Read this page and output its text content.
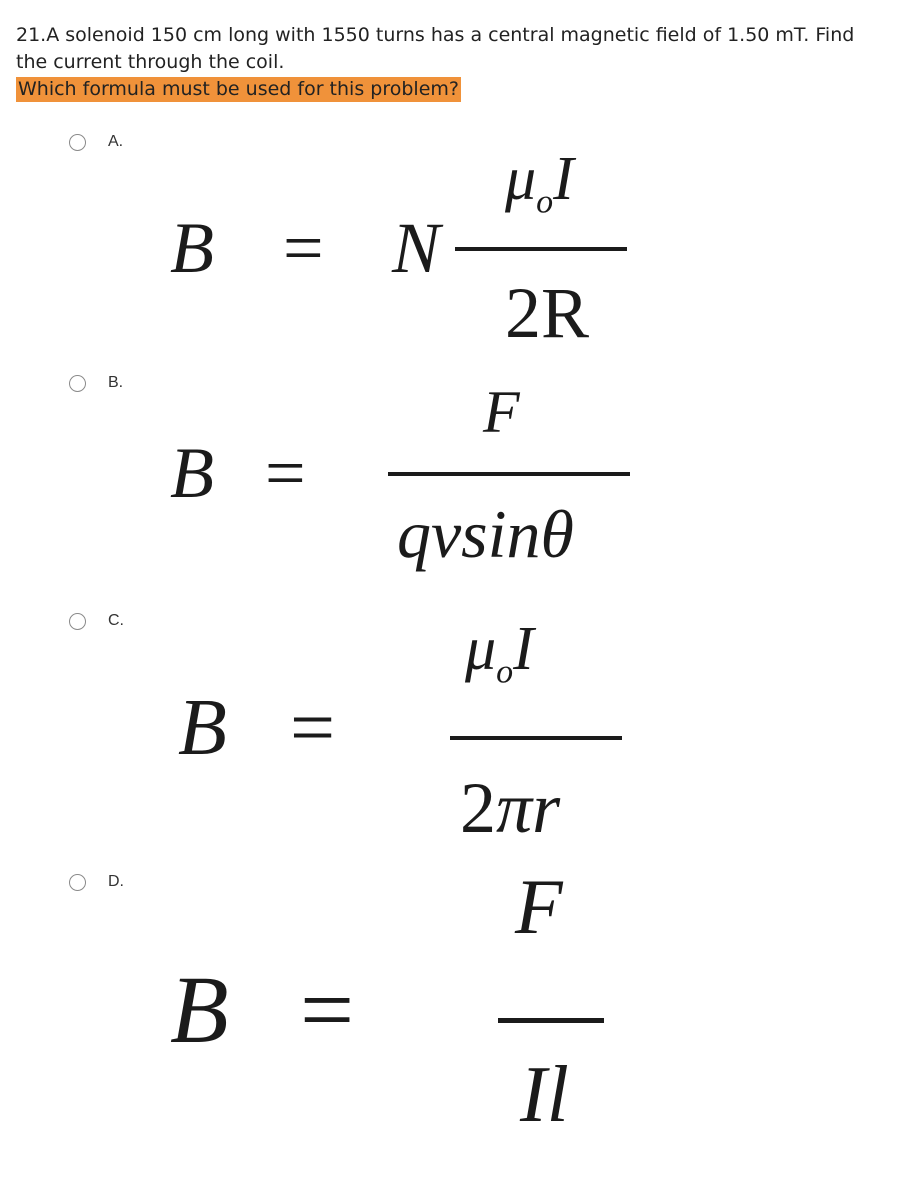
21.A solenoid 150 cm long with 1550 turns has a central magnetic field of 1.50 mT. Find the current through the coil.

Which formula must be used for this problem?
A.
B = N
$\mu_oI$
2R
B.	F
B =
qvsinθ
C.	$\mu_oI$
B =
2πr
D.	F
B =
Il
